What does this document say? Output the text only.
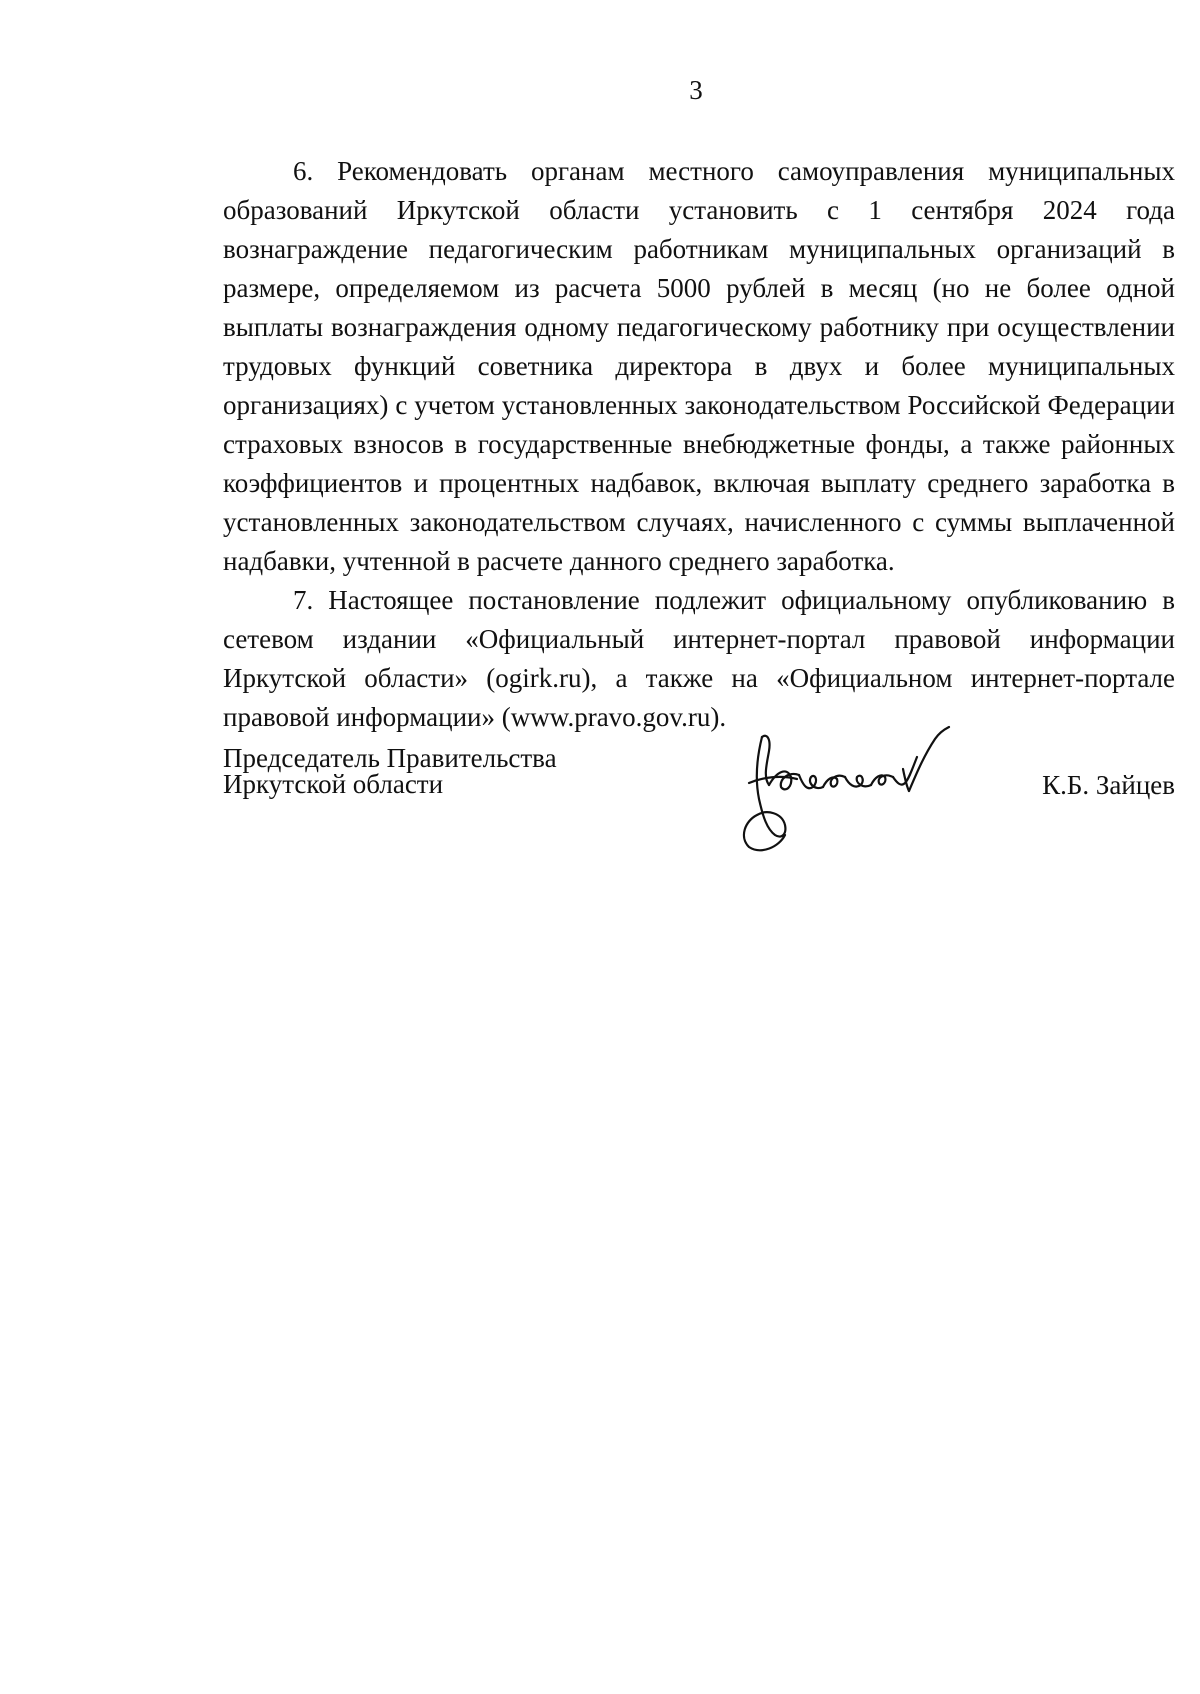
3

6. Рекомендовать органам местного самоуправления муниципальных образований Иркутской области установить с 1 сентября 2024 года вознаграждение педагогическим работникам муниципальных организаций в размере, определяемом из расчета 5000 рублей в месяц (но не более одной выплаты вознаграждения одному педагогическому работнику при осуществлении трудовых функций советника директора в двух и более муниципальных организациях) с учетом установленных законодательством Российской Федерации страховых взносов в государственные внебюджетные фонды, а также районных коэффициентов и процентных надбавок, включая выплату среднего заработка в установленных законодательством случаях, начисленного с суммы выплаченной надбавки, учтенной в расчете данного среднего заработка.

7. Настоящее постановление подлежит официальному опубликованию в сетевом издании «Официальный интернет-портал правовой информации Иркутской области» (ogirk.ru), а также на «Официальном интернет-портале правовой информации» (www.pravo.gov.ru).

Председатель Правительства
Иркутской области	К.Б. Зайцев
